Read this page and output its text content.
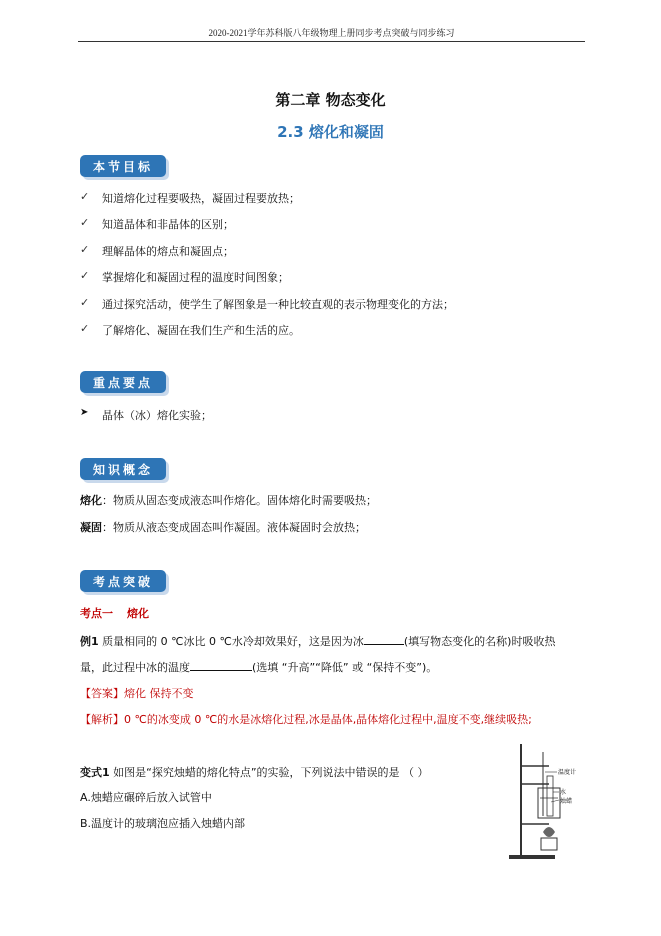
2020-2021学年苏科版八年级物理上册同步考点突破与同步练习
第二章 物态变化
2.3 熔化和凝固
本节目标
✓ 知道熔化过程要吸热，凝固过程要放热；
✓ 知道晶体和非晶体的区别；
✓ 理解晶体的熔点和凝固点；
✓ 掌握熔化和凝固过程的温度时间图象；
✓ 通过探究活动，使学生了解图象是一种比较直观的表示物理变化的方法；
✓ 了解熔化、凝固在我们生产和生活的应。
重点要点
➤ 晶体（冰）熔化实验；
知识概念
熔化：物质从固态变成液态叫作熔化。固体熔化时需要吸热；
凝固：物质从液态变成固态叫作凝固。液体凝固时会放热；
考点突破
考点一 熔化
例1 质量相同的 0 ℃冰比 0 ℃水冷却效果好，这是因为冰	(填写物态变化的名称)时吸收热
量，此过程中冰的温度	(选填 “升高”“降低” 或 “保持不变”)。
【答案】熔化 保持不变
【解析】0 ℃的冰变成 0 ℃的水是冰熔化过程,冰是晶体,晶体熔化过程中,温度不变,继续吸热;
变式1 如图是“探究烛蜡的熔化特点”的实验，下列说法中错误的是 （ ）
A.烛蜡应碾碎后放入试管中
B.温度计的玻璃泡应插入烛蜡内部
温度计
水
烛蜡
